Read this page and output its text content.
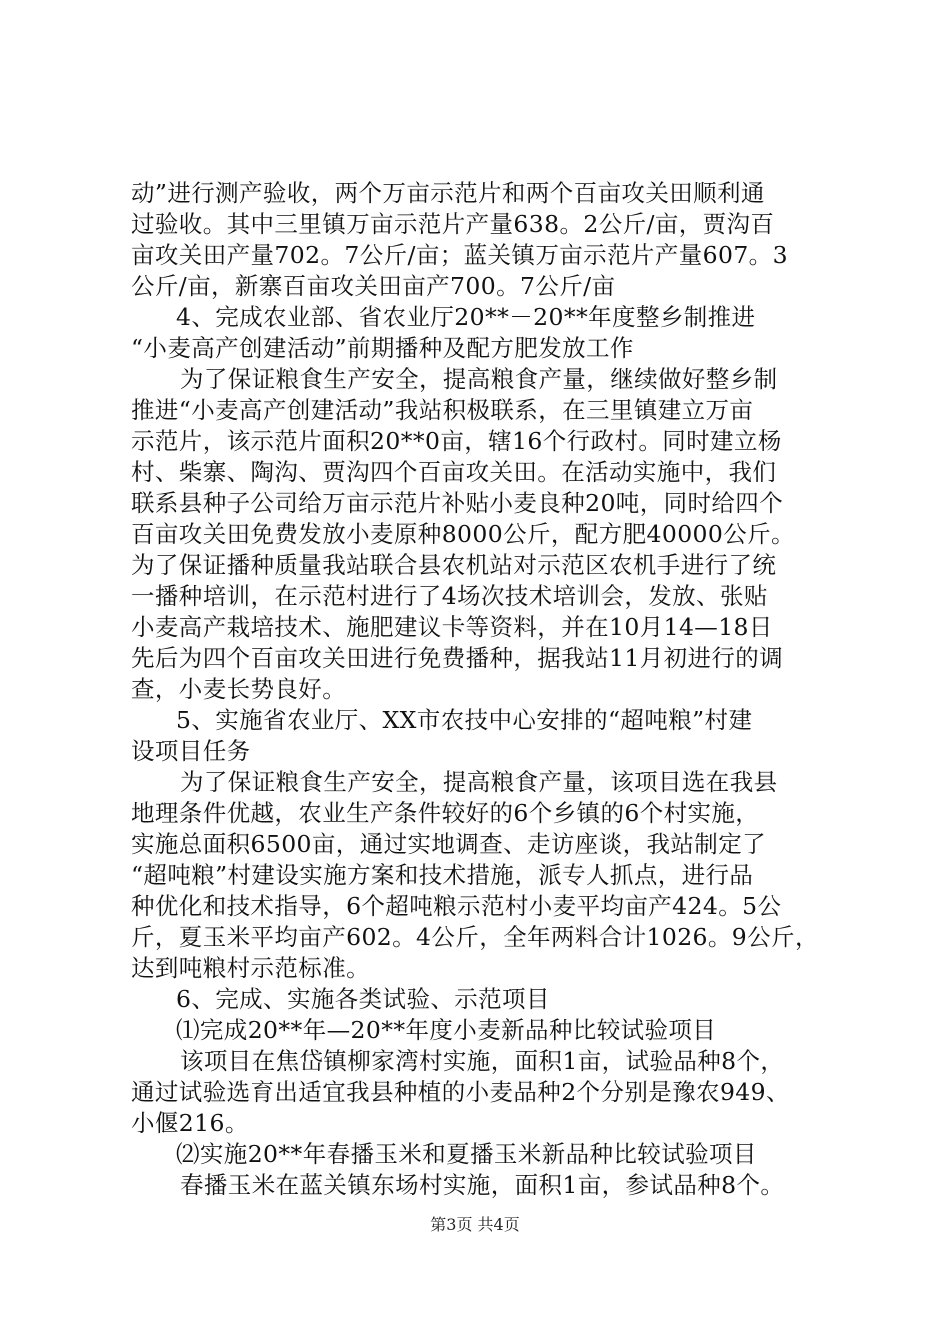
动”进行测产验收，两个万亩示范片和两个百亩攻关田顺利通
过验收。其中三里镇万亩示范片产量638。2公斤/亩，贾沟百
亩攻关田产量702。7公斤/亩；蓝关镇万亩示范片产量607。3
公斤/亩，新寨百亩攻关田亩产700。7公斤/亩
4、完成农业部、省农业厅20**－20**年度整乡制推进
“小麦高产创建活动”前期播种及配方肥发放工作
为了保证粮食生产安全，提高粮食产量，继续做好整乡制
推进“小麦高产创建活动”我站积极联系，在三里镇建立万亩
示范片，该示范片面积20**0亩，辖16个行政村。同时建立杨
村、柴寨、陶沟、贾沟四个百亩攻关田。在活动实施中，我们
联系县种子公司给万亩示范片补贴小麦良种20吨，同时给四个
百亩攻关田免费发放小麦原种8000公斤，配方肥40000公斤。
为了保证播种质量我站联合县农机站对示范区农机手进行了统
一播种培训，在示范村进行了4场次技术培训会，发放、张贴
小麦高产栽培技术、施肥建议卡等资料，并在10月14—18日
先后为四个百亩攻关田进行免费播种，据我站11月初进行的调
查，小麦长势良好。
5、实施省农业厅、XX市农技中心安排的“超吨粮”村建
设项目任务
为了保证粮食生产安全，提高粮食产量，该项目选在我县
地理条件优越，农业生产条件较好的6个乡镇的6个村实施，
实施总面积6500亩，通过实地调查、走访座谈，我站制定了
“超吨粮”村建设实施方案和技术措施，派专人抓点，进行品
种优化和技术指导，6个超吨粮示范村小麦平均亩产424。5公
斤，夏玉米平均亩产602。4公斤，全年两料合计1026。9公斤，
达到吨粮村示范标准。
6、完成、实施各类试验、示范项目
⑴完成20**年—20**年度小麦新品种比较试验项目
该项目在焦岱镇柳家湾村实施，面积1亩，试验品种8个，
通过试验选育出适宜我县种植的小麦品种2个分别是豫农949、
小偃216。
⑵实施20**年春播玉米和夏播玉米新品种比较试验项目
春播玉米在蓝关镇东场村实施，面积1亩，参试品种8个。
第3页 共4页
